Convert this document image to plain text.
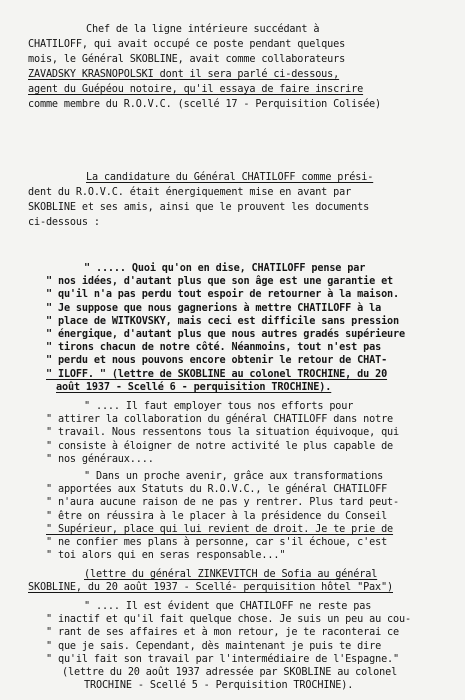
Chef de la ligne intérieure succédant à
CHATILOFF, qui avait occupé ce poste pendant quelques
mois, le Général SKOBLINE, avait comme collaborateurs
ZAVADSKY KRASNOPOLSKI dont il sera parlé ci-dessous,
agent du Guépéou notoire, qu'il essaya de faire inscrire
comme membre du R.O.V.C. (scellé 17 - Perquisition Colisée)
La candidature du Général CHATILOFF comme prési-
dent du R.O.V.C. était énergiquement mise en avant par
SKOBLINE et ses amis, ainsi que le prouvent les documents
ci-dessous :
" ..... Quoi qu'on en dise, CHATILOFF pense par
" nos idées, d'autant plus que son âge est une garantie et
" qu'il n'a pas perdu tout espoir de retourner à la maison.
" Je suppose que nous gagnerions à mettre CHATILOFF à la
" place de WITKOVSKY, mais ceci est difficile sans pression
" énergique, d'autant plus que nous autres gradés supérieure
" tirons chacun de notre côté. Néanmoins, tout n'est pas
" perdu et nous pouvons encore obtenir le retour de CHAT-
" ILOFF. " (lettre de SKOBLINE au colonel TROCHINE, du 20
août 1937 - Scellé 6 - perquisition TROCHINE).
" .... Il faut employer tous nos efforts pour
" attirer la collaboration du général CHATILOFF dans notre
" travail. Nous ressentons tous la situation équivoque, qui
" consiste à éloigner de notre activité le plus capable de
" nos généraux....
" Dans un proche avenir, grâce aux transformations
" apportées aux Statuts du R.O.V.C., le général CHATILOFF
" n'aura aucune raison de ne pas y rentrer. Plus tard peut-
" être on réussira à le placer à la présidence du Conseil
" Supérieur, place qui lui revient de droit. Je te prie de
" ne confier mes plans à personne, car s'il échoue, c'est
" toi alors qui en seras responsable..."
(lettre du général ZINKEVITCH de Sofia au général
SKOBLINE, du 20 août 1937 - Scellé- perquisition hôtel "Pax")
" .... Il est évident que CHATILOFF ne reste pas
" inactif et qu'il fait quelque chose. Je suis un peu au cou-
" rant de ses affaires et à mon retour, je te raconterai ce
" que je sais. Cependant, dès maintenant je puis te dire
" qu'il fait son travail par l'intermédiaire de l'Espagne."
(lettre du 20 août 1937 adressée par SKOBLINE au colonel
TROCHINE - Scellé 5 - Perquisition TROCHINE).
